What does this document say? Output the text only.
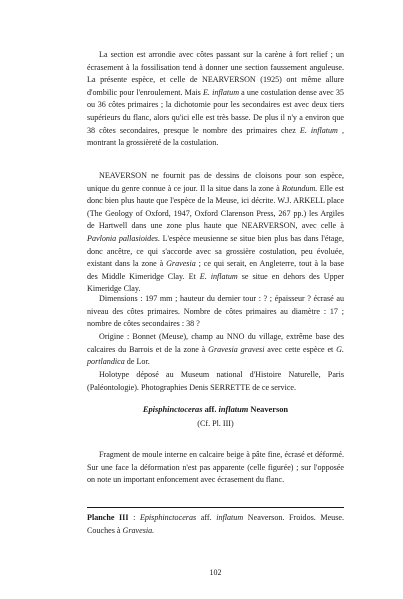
La section est arrondie avec côtes passant sur la carène à fort relief ; un écrasement à la fossilisation tend à donner une section faussement anguleuse. La présente espèce, et celle de NEARVERSON (1925) ont même allure d'ombilic pour l'enroulement. Mais E. inflatum a une costulation dense avec 35 ou 36 côtes primaires ; la dichotomie pour les secondaires est avec deux tiers supérieurs du flanc, alors qu'ici elle est très basse. De plus il n'y a environ que 38 côtes secondaires, presque le nombre des primaires chez E. inflatum , montrant la grossièreté de la costulation.

NEAVERSON ne fournit pas de dessins de cloisons pour son espèce, unique du genre connue à ce jour. Il la situe dans la zone à Rotundum. Elle est donc bien plus haute que l'espèce de la Meuse, ici décrite. W.J. ARKELL place (The Geology of Oxford, 1947, Oxford Clarenson Press, 267 pp.) les Argiles de Hartwell dans une zone plus haute que NEARVERSON, avec celle à Pavlonia pallasioides. L'espèce meusienne se situe bien plus bas dans l'étage, donc ancêtre, ce qui s'accorde avec sa grossière costulation, peu évoluée, existant dans la zone à Gravesia ; ce qui serait, en Angleterre, tout à la base des Middle Kimeridge Clay. Et E. inflatum se situe en dehors des Upper Kimeridge Clay.

Dimensions : 197 mm ; hauteur du dernier tour : ? ; épaisseur ? écrasé au niveau des côtes primaires. Nombre de côtes primaires au diamètre : 17 ; nombre de côtes secondaires : 38 ?

Origine : Bonnet (Meuse), champ au NNO du village, extrême base des calcaires du Barrois et de la zone à Gravesia gravesi avec cette espèce et G. portlandica de Lor.

Holotype déposé au Museum national d'Histoire Naturelle, Paris (Paléontologie). Photographies Denis SERRETTE de ce service.

Episphinctoceras aff. inflatum Neaverson

(Cf. Pl. III)

Fragment de moule interne en calcaire beige à pâte fine, écrasé et déformé. Sur une face la déformation n'est pas apparente (celle figurée) ; sur l'opposée on note un important enfoncement avec écrasement du flanc.

Planche III : Episphinctoceras aff. inflatum Neaverson. Froidos. Meuse. Couches à Gravesia.

102
